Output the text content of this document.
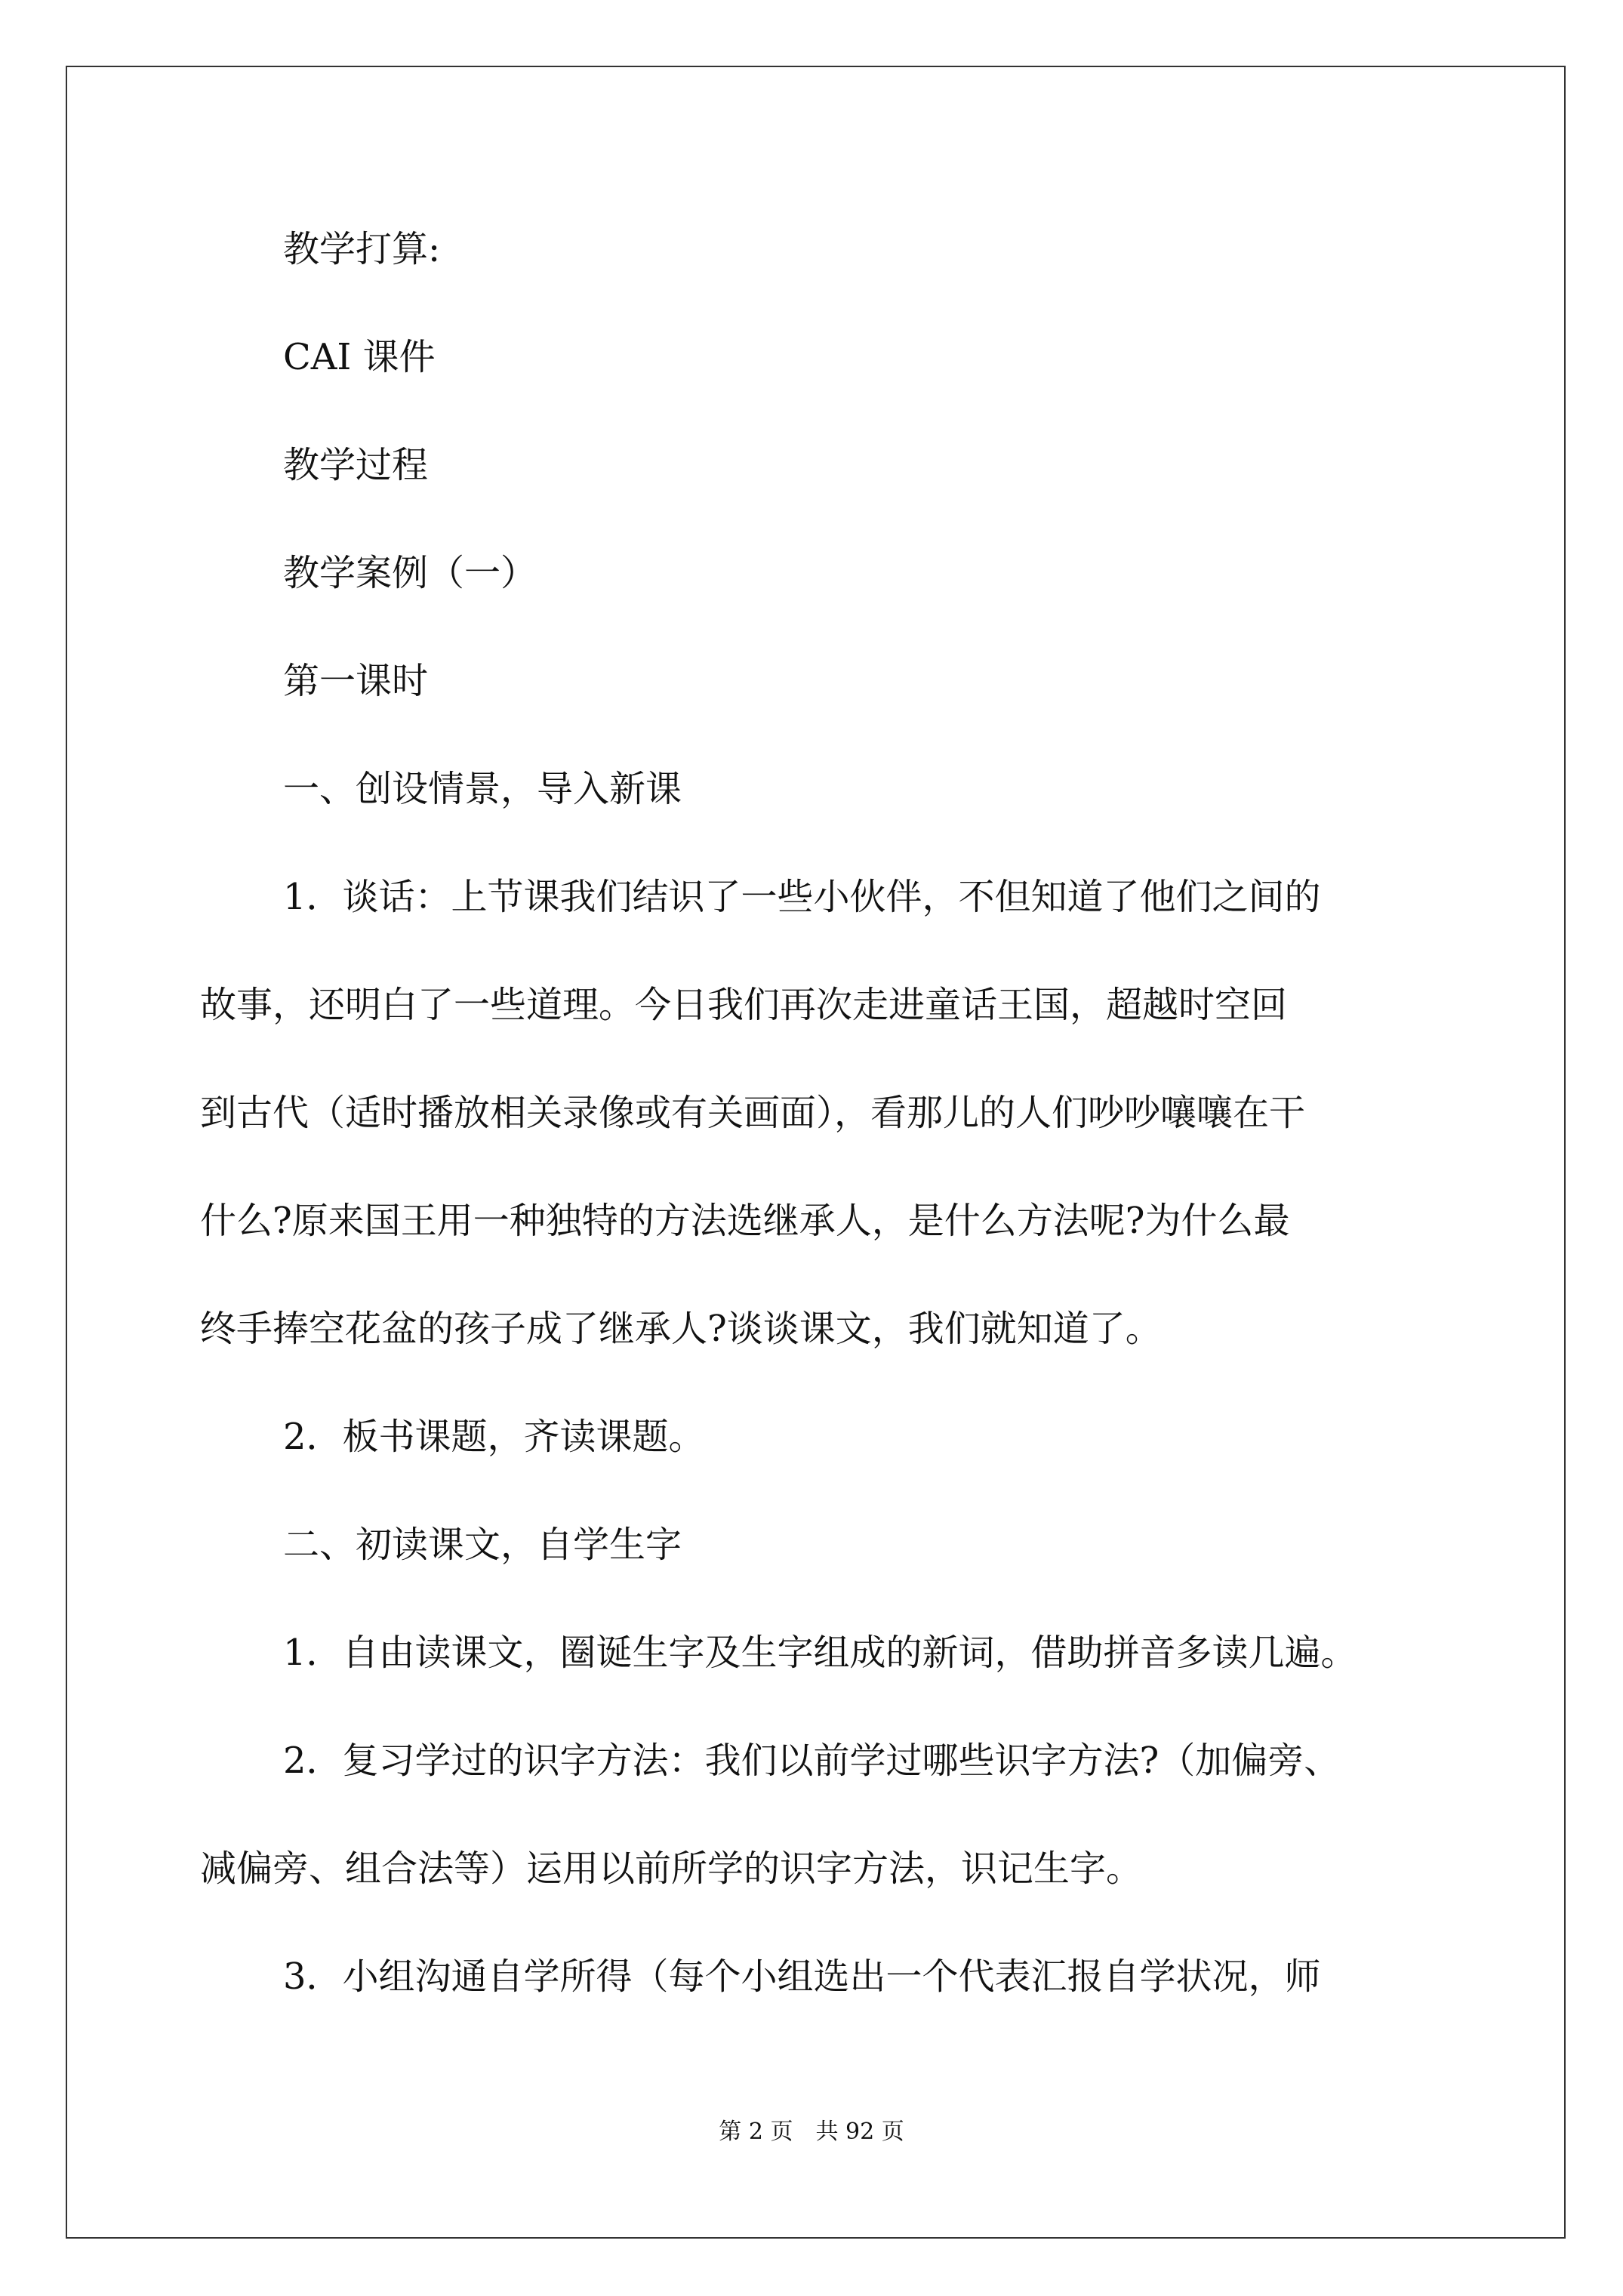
教学打算:
CAI 课件
教学过程
教学案例（一）
第一课时
一、创设情景，导入新课
1．谈话：上节课我们结识了一些小伙伴，不但知道了他们之间的
故事，还明白了一些道理。今日我们再次走进童话王国，超越时空回
到古代（适时播放相关录像或有关画面），看那儿的人们吵吵嚷嚷在干
什么?原来国王用一种独特的方法选继承人，是什么方法呢?为什么最
终手捧空花盆的孩子成了继承人?谈谈课文，我们就知道了。
2．板书课题，齐读课题。
二、初读课文，自学生字
1．自由读课文，圈诞生字及生字组成的新词，借助拼音多读几遍。
2．复习学过的识字方法：我们以前学过哪些识字方法?（加偏旁、
减偏旁、组合法等）运用以前所学的识字方法，识记生字。
3．小组沟通自学所得（每个小组选出一个代表汇报自学状况，师
第 2 页　共 92 页
